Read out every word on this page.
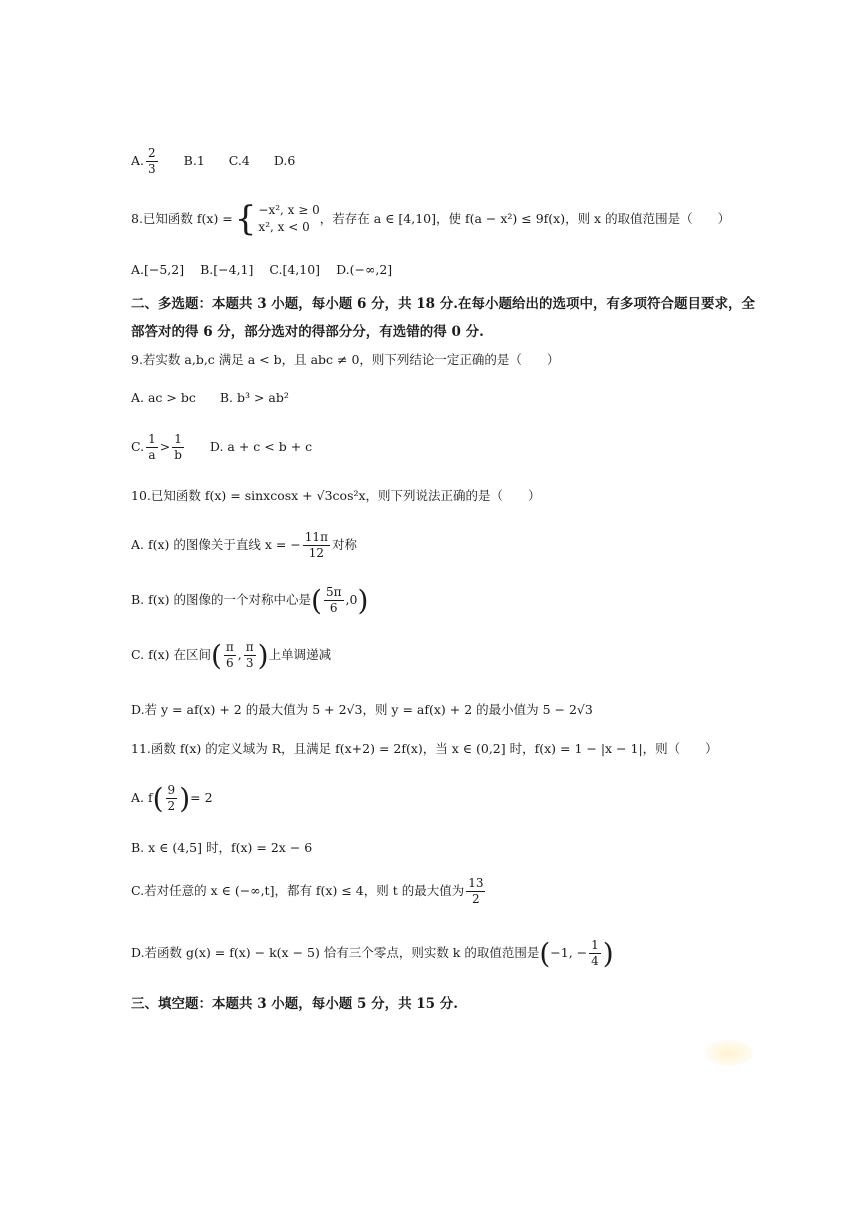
A. $\frac{2}{3} B.1$ C.4 D.6
8.已知函数 f(x) = { −x², x ≥ 0
x², x < 0
，若存在 a ∈ [4,10]，使 f(a − x²) ≤ 9f(x)，则 x 的取值范围是（　　）
A.[−5,2] B.[−4,1] C.[4,10] D.(−∞,2]
二、多选题：本题共 3 小题，每小题 6 分，共 18 分.在每小题给出的选项中，有多项符合题目要求，全部答对的得 6 分，部分选对的得部分分，有选错的得 0 分.
9.若实数 a,b,c 满足 a < b，且 abc ≠ 0，则下列结论一定正确的是（　　）
A. ac > bc B. b³ > ab²
C. $\frac{1}{a} > \frac{1}{b} D$. a + c < b + c
10.已知函数 f(x) = sinxcosx + √3cos²x，则下列说法正确的是（　　）
A. f(x) 的图像关于直线 x = − $\frac{11\pi}{12}$ 对称
B. f(x) 的图像的一个对称中心是 ( $\frac{5\pi}{6} ,0$ )
C. f(x) 在区间 ( $\frac{\pi}{6}$ , $\frac{\pi}{3}$ ) 上单调递减
D.若 y = af(x) + 2 的最大值为 5 + 2√3，则 y = af(x) + 2 的最小值为 5 − 2√3
11.函数 f(x) 的定义域为 R，且满足 f(x+2) = 2f(x)，当 x ∈ (0,2] 时，f(x) = 1 − |x − 1|，则（　　）
A. f ( $\frac{9}{2}$ ) = 2
B. x ∈ (4,5] 时，f(x) = 2x − 6
C.若对任意的 x ∈ (−∞,t]，都有 f(x) ≤ 4，则 t 的最大值为 $\frac{13}{2}$
D.若函数 g(x) = f(x) − k(x − 5) 恰有三个零点，则实数 k 的取值范围是 ( −1, − $\frac{1}{4}$ )
三、填空题：本题共 3 小题，每小题 5 分，共 15 分.
